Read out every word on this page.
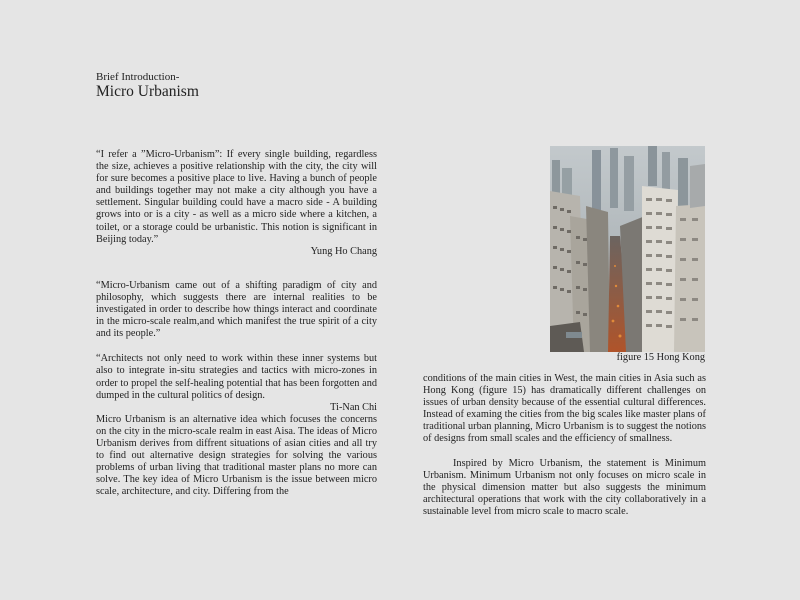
Brief Introduction-
Micro Urbanism

“I refer a ”Micro-Urbanism”: If every single building, regardless the size, achieves a positive relationship with the city, the city will for sure becomes a positive place to live. Having a bunch of people and buildings together may not make a city although you have a settlement. Singular building could have a macro side - A building grows into or is a city - as well as a micro side where a kitchen, a toilet, or a storage could be urbanistic. This notion is significant in Beijing today.”

Yung Ho Chang

“Micro-Urbanism came out of a shifting paradigm of city and philosophy, which suggests there are internal realities to be investigated in order to describe how things interact and coordinate in the micro-scale realm,and which manifest the true spirit of a city and its people.”

“Architects not only need to work within these inner systems but also to integrate in-situ strategies and tactics with micro-zones in order to propel the self-healing potential that has been forgotten and dumped in the cultural politics of design.

Ti-Nan Chi

Micro Urbanism is an alternative idea which focuses the concerns on the city in the micro-scale realm in east Aisa. The ideas of Micro Urbanism derives from diffrent situations of asian cities and all try to find out alternative design strategies for solving the various problems of urban living that traditional master plans no more can solve. The key idea of Micro Urbanism is the issue between micro scale, architecture, and city. Differing from the

figure 15 Hong Kong

conditions of the main cities in West, the main cities in Asia such as Hong Kong (figure 15) has dramatically different challenges on issues of urban density because of the essential cultural differences. Instead of examing the cities from the big scales like master plans of traditional urban planning, Micro Urbanism is to suggest the notions of designs from small scales and the efficiency of smallness.

Inspired by Micro Urbanism, the statement is Minimum Urbanism. Minimum Urbanism not only focuses on micro scale in the physical dimension matter but also suggests the minimum architectural operations that work with the city collaboratively in a sustainable level from micro scale to macro scale.
